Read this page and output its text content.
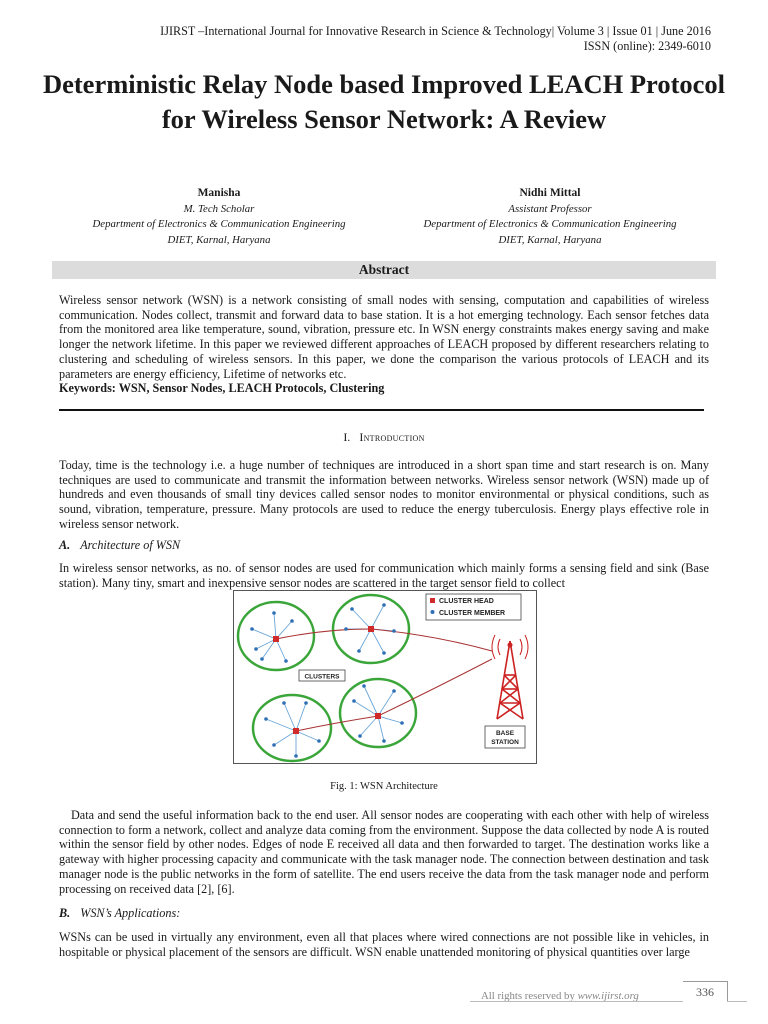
IJIRST –International Journal for Innovative Research in Science & Technology| Volume 3 | Issue 01 | June 2016
ISSN (online): 2349-6010
Deterministic Relay Node based Improved LEACH Protocol for Wireless Sensor Network: A Review
Manisha
M. Tech Scholar
Department of Electronics & Communication Engineering
DIET, Karnal, Haryana
Nidhi Mittal
Assistant Professor
Department of Electronics & Communication Engineering
DIET, Karnal, Haryana
Abstract
Wireless sensor network (WSN) is a network consisting of small nodes with sensing, computation and capabilities of wireless communication. Nodes collect, transmit and forward data to base station. It is a hot emerging technology. Each sensor fetches data from the monitored area like temperature, sound, vibration, pressure etc. In WSN energy constraints makes energy saving and make longer the network lifetime. In this paper we reviewed different approaches of LEACH proposed by different researchers relating to clustering and scheduling of wireless sensors. In this paper, we done the comparison the various protocols of LEACH and its parameters are energy efficiency, Lifetime of networks etc.
Keywords: WSN, Sensor Nodes, LEACH Protocols, Clustering
I. Introduction
Today, time is the technology i.e. a huge number of techniques are introduced in a short span time and start research is on. Many techniques are used to communicate and transmit the information between networks. Wireless sensor network (WSN) made up of hundreds and even thousands of small tiny devices called sensor nodes to monitor environmental or physical conditions, such as sound, vibration, temperature, pressure. Many protocols are used to reduce the energy tuberculosis. Energy plays effective role in wireless sensor network.
A. Architecture of WSN
In wireless sensor networks, as no. of sensor nodes are used for communication which mainly forms a sensing field and sink (Base station). Many tiny, smart and inexpensive sensor nodes are scattered in the target sensor field to collect
CLUSTER HEAD
CLUSTER MEMBER
CLUSTERS
BASE
STATION
Fig. 1: WSN Architecture
Data and send the useful information back to the end user. All sensor nodes are cooperating with each other with help of wireless connection to form a network, collect and analyze data coming from the environment. Suppose the data collected by node A is routed within the sensor field by other nodes. Edges of node E received all data and then forwarded to target. The destination works like a gateway with higher processing capacity and communicate with the task manager node. The connection between destination and task manager node is the public networks in the form of satellite. The end users receive the data from the task manager node and perform processing on received data [2], [6].
B. WSN’s Applications:
WSNs can be used in virtually any environment, even all that places where wired connections are not possible like in vehicles, in hospitable or physical placement of the sensors are difficult. WSN enable unattended monitoring of physical quantities over large
All rights reserved by www.ijirst.org	336
